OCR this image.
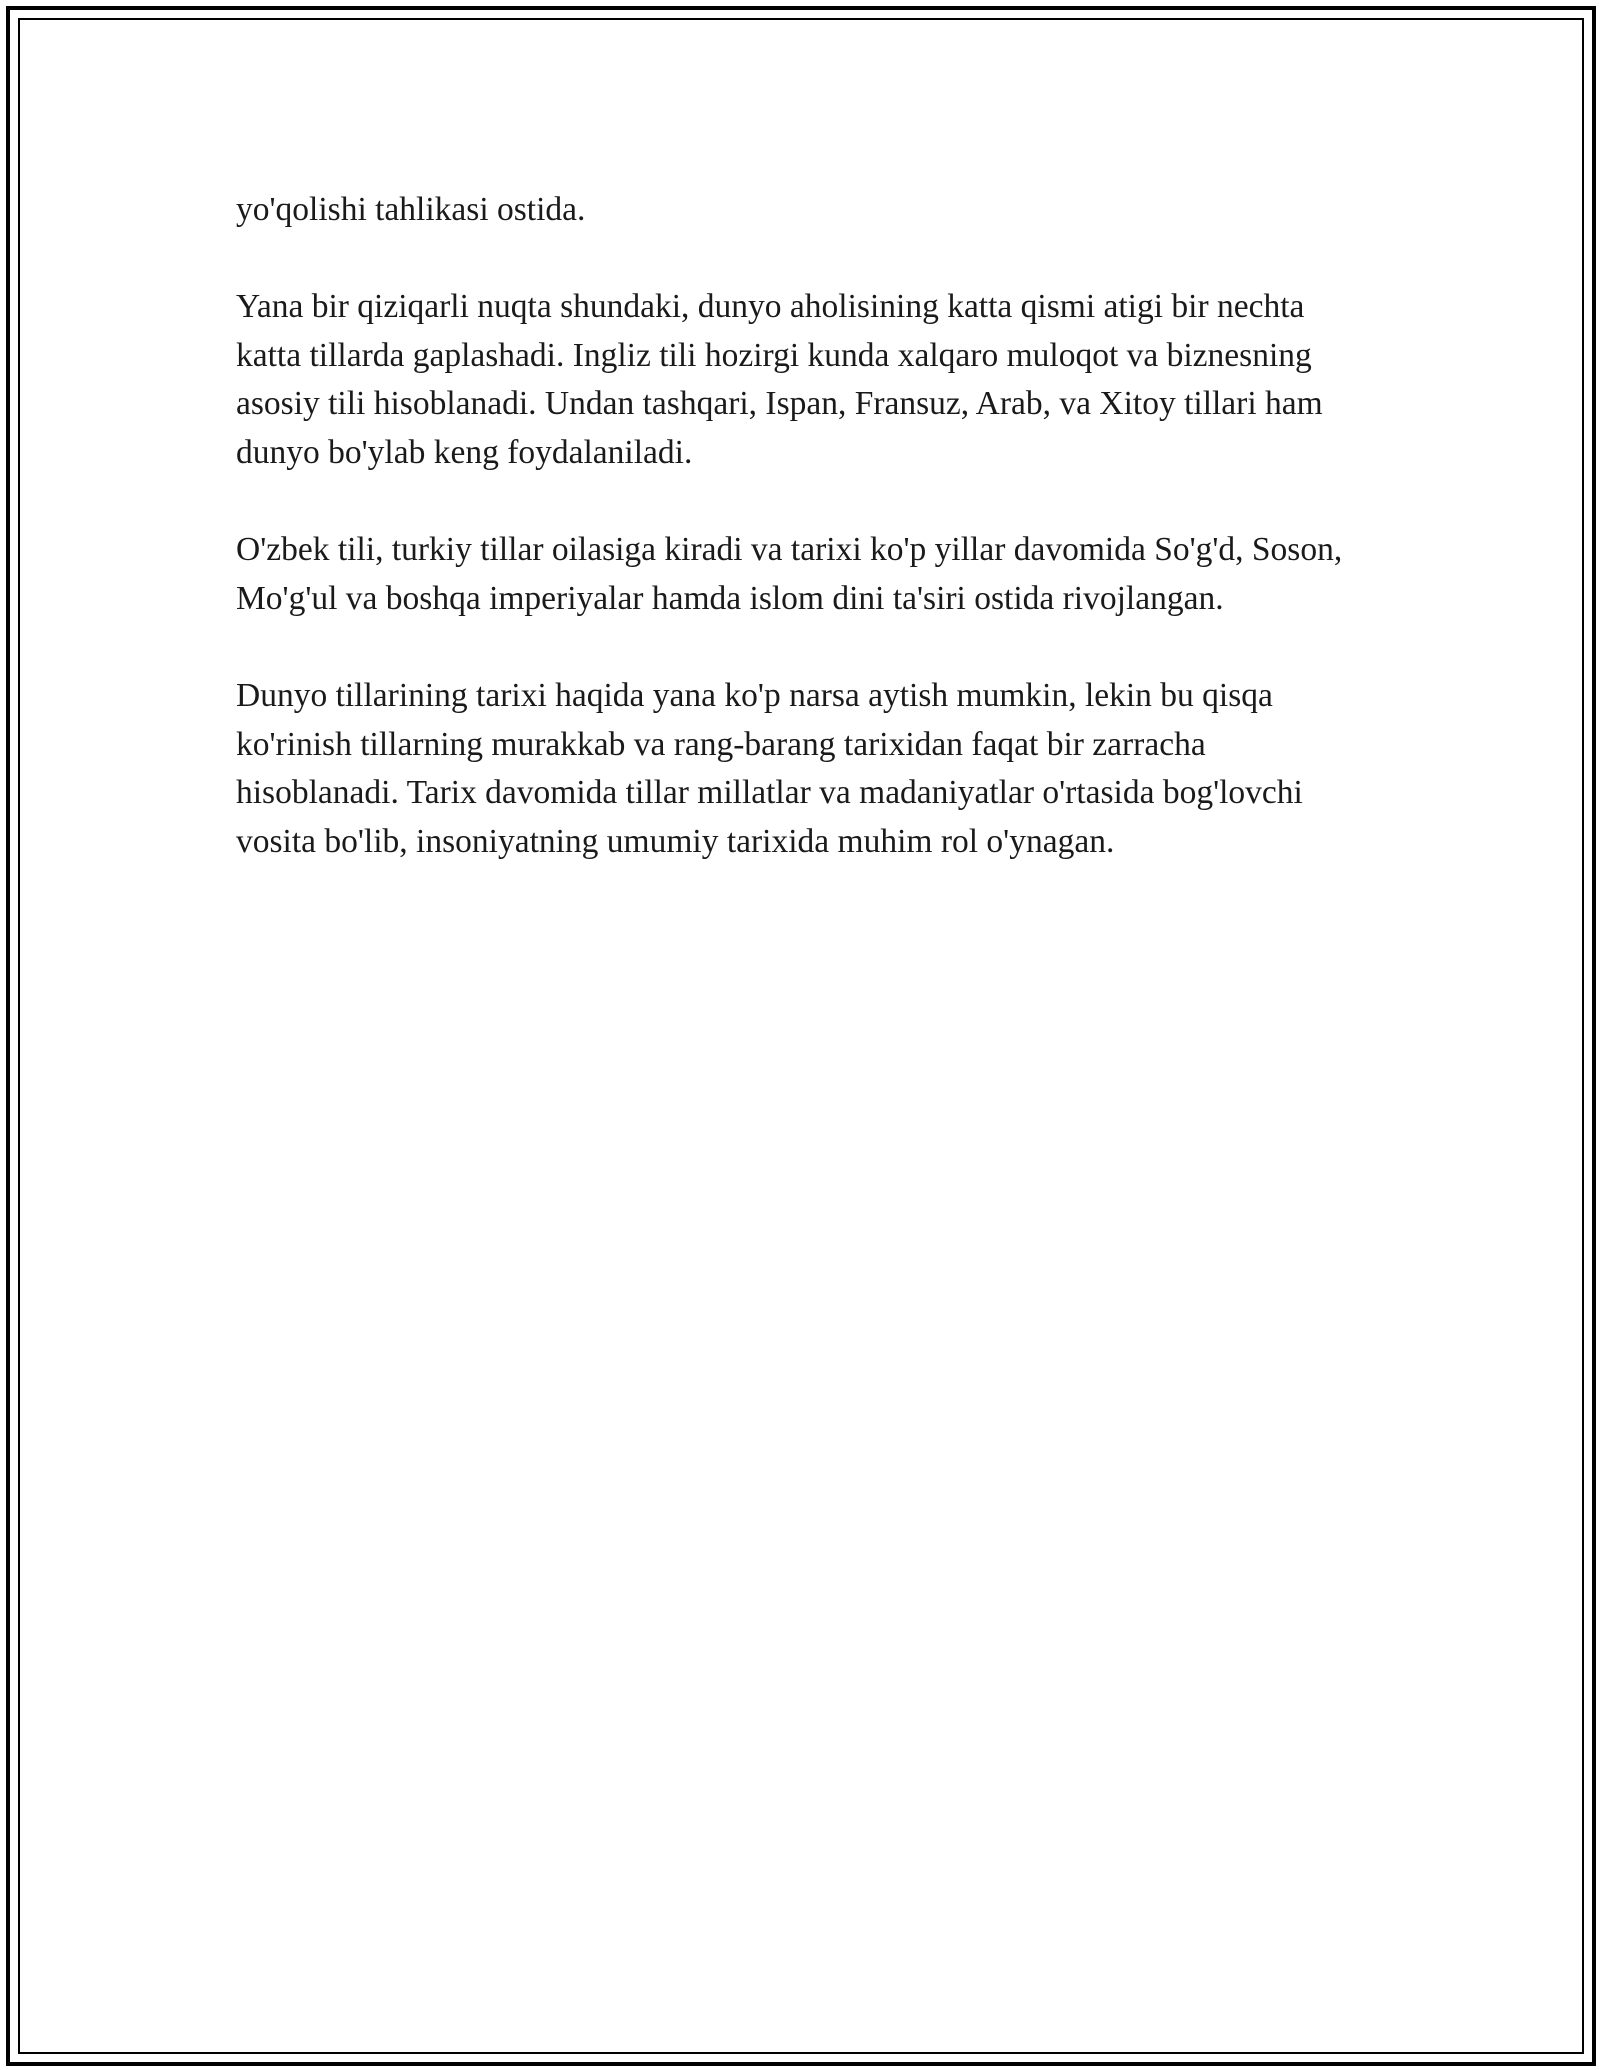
yo'qolishi tahlikasi ostida.

Yana bir qiziqarli nuqta shundaki, dunyo aholisining katta qismi atigi bir nechta katta tillarda gaplashadi. Ingliz tili hozirgi kunda xalqaro muloqot va biznesning asosiy tili hisoblanadi. Undan tashqari, Ispan, Fransuz, Arab, va Xitoy tillari ham dunyo bo'ylab keng foydalaniladi.

O'zbek tili, turkiy tillar oilasiga kiradi va tarixi ko'p yillar davomida So'g'd, Soson, Mo'g'ul va boshqa imperiyalar hamda islom dini ta'siri ostida rivojlangan.

Dunyo tillarining tarixi haqida yana ko'p narsa aytish mumkin, lekin bu qisqa ko'rinish tillarning murakkab va rang-barang tarixidan faqat bir zarracha hisoblanadi. Tarix davomida tillar millatlar va madaniyatlar o'rtasida bog'lovchi vosita bo'lib, insoniyatning umumiy tarixida muhim rol o'ynagan.
